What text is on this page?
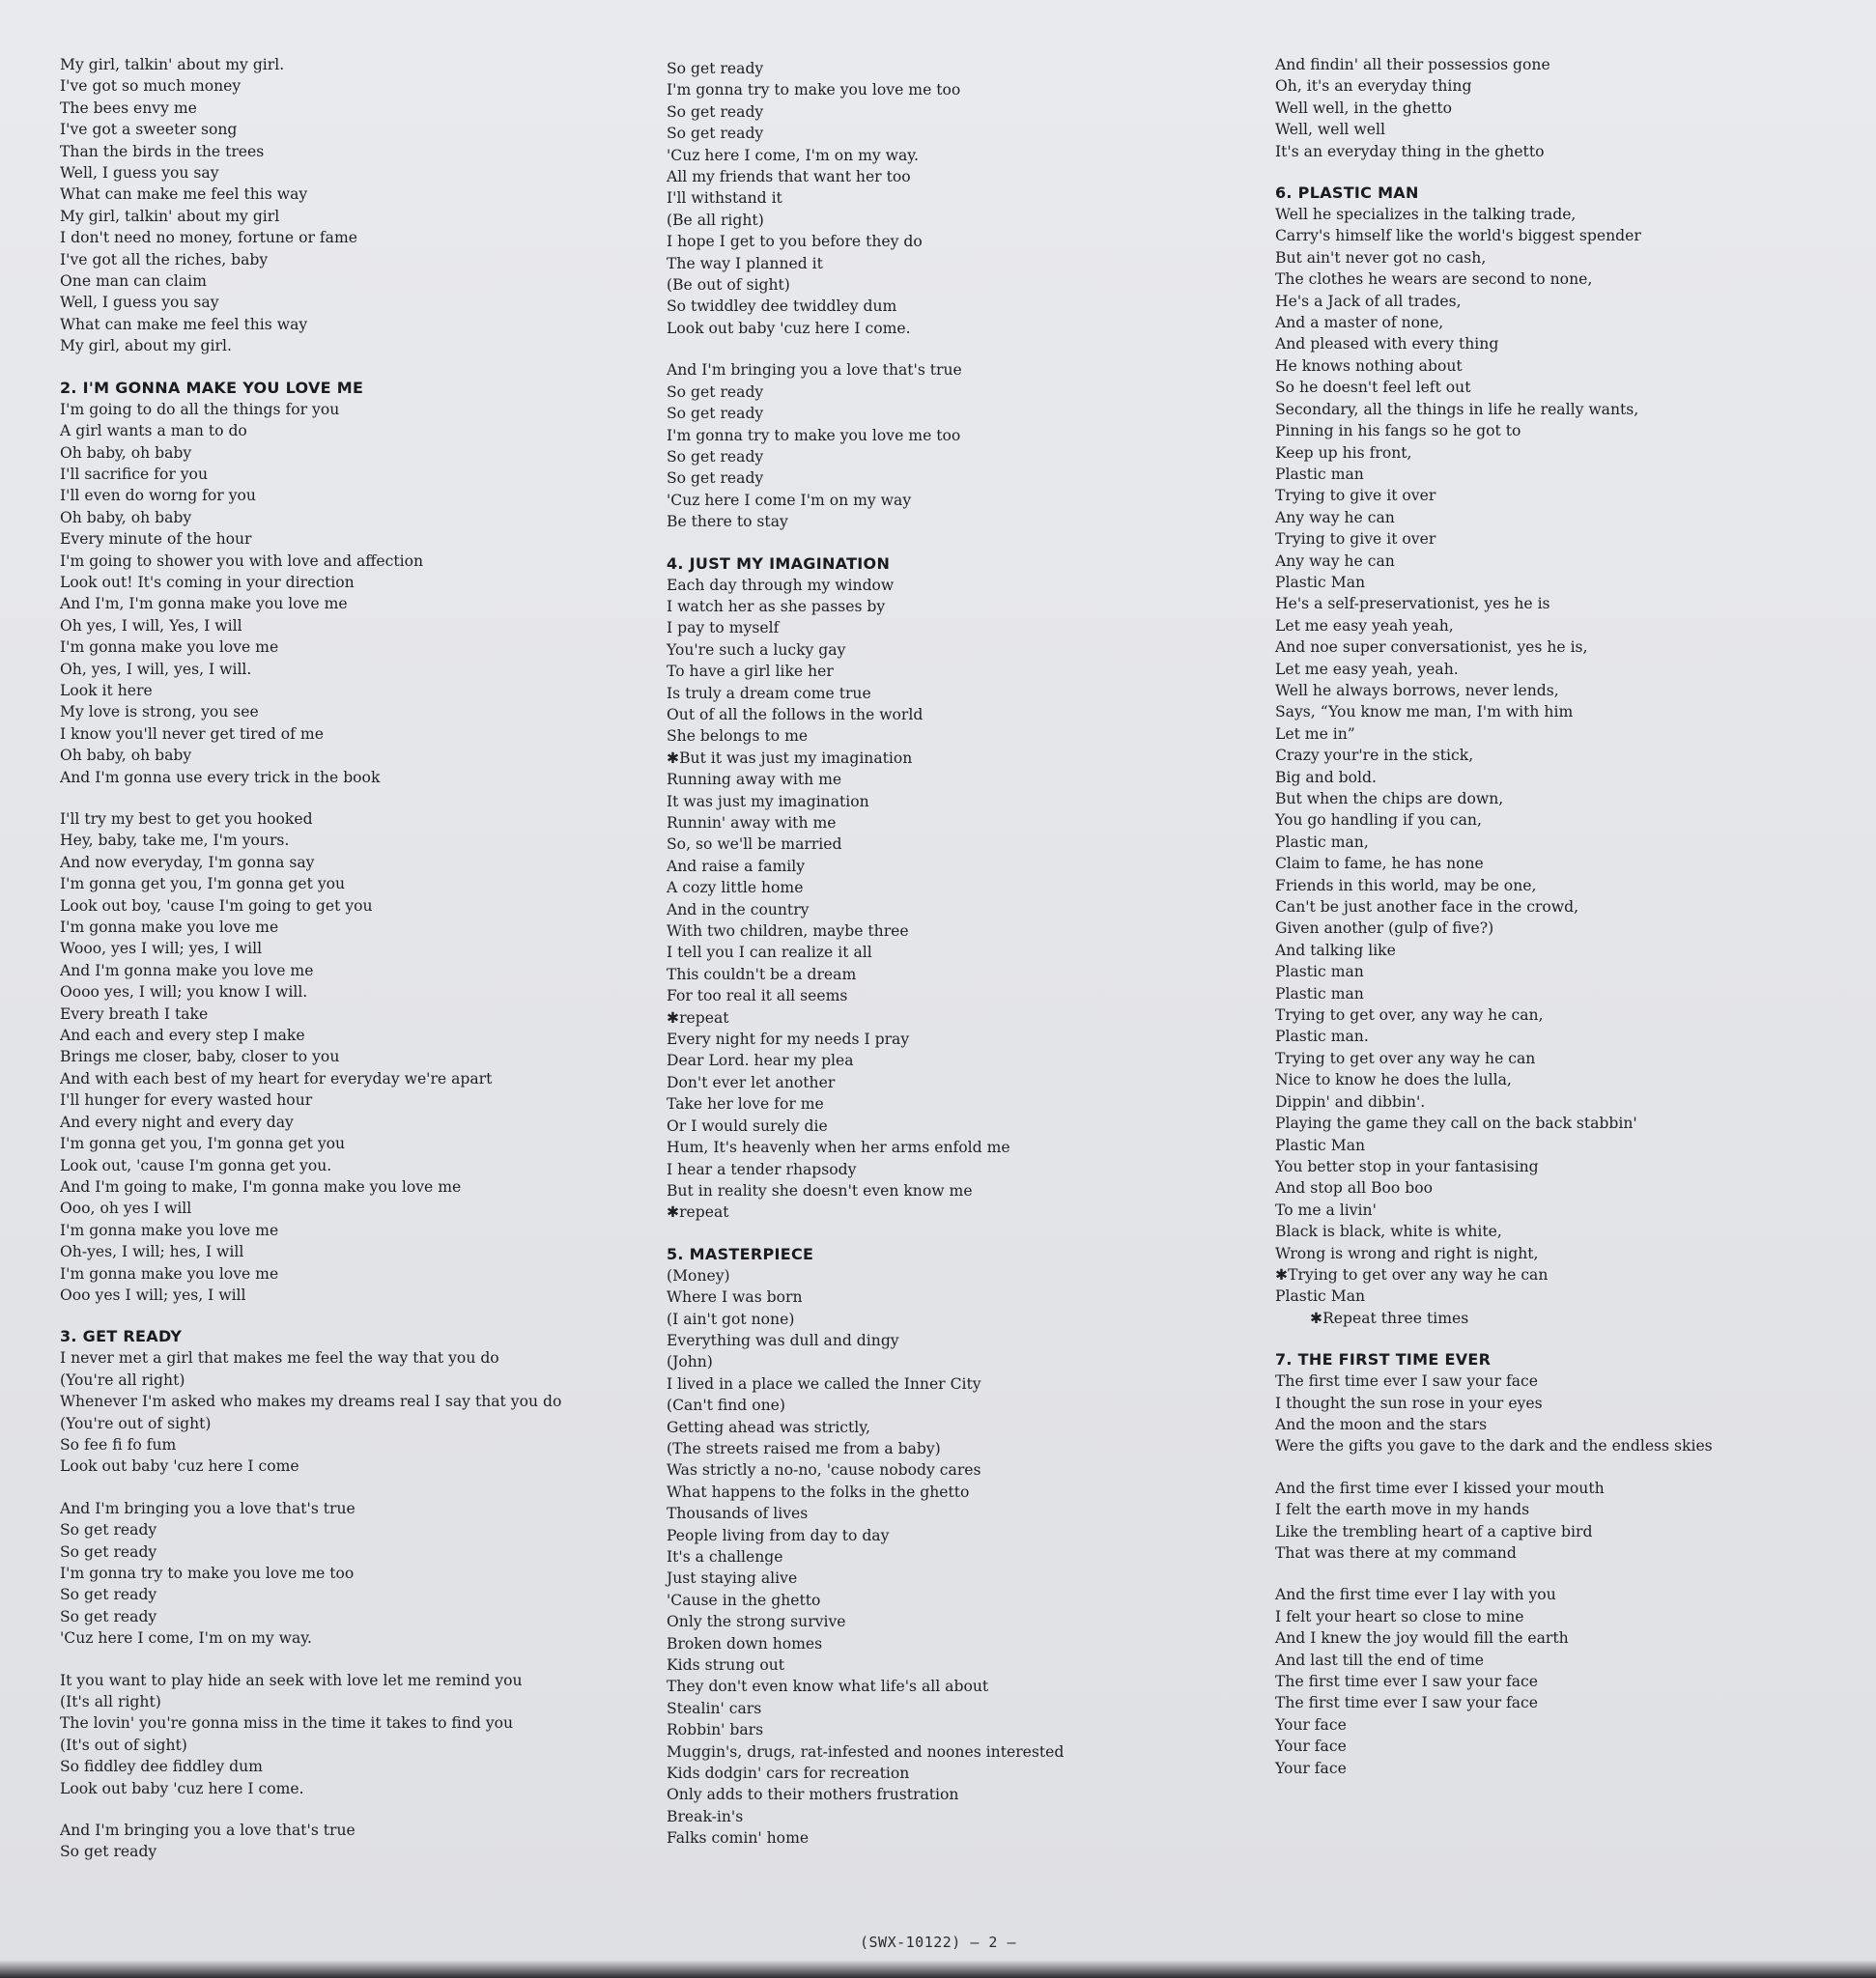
My girl, talkin' about my girl.
I've got so much money
The bees envy me
I've got a sweeter song
Than the birds in the trees
Well, I guess you say
What can make me feel this way
My girl, talkin' about my girl
I don't need no money, fortune or fame
I've got all the riches, baby
One man can claim
Well, I guess you say
What can make me feel this way
My girl, about my girl.
2. I'M GONNA MAKE YOU LOVE ME
I'm going to do all the things for you
A girl wants a man to do
Oh baby, oh baby
I'll sacrifice for you
I'll even do worng for you
Oh baby, oh baby
Every minute of the hour
I'm going to shower you with love and affection
Look out! It's coming in your direction
And I'm, I'm gonna make you love me
Oh yes, I will, Yes, I will
I'm gonna make you love me
Oh, yes, I will, yes, I will.
Look it here
My love is strong, you see
I know you'll never get tired of me
Oh baby, oh baby
And I'm gonna use every trick in the book
I'll try my best to get you hooked
Hey, baby, take me, I'm yours.
And now everyday, I'm gonna say
I'm gonna get you, I'm gonna get you
Look out boy, 'cause I'm going to get you
I'm gonna make you love me
Wooo, yes I will; yes, I will
And I'm gonna make you love me
Oooo yes, I will; you know I will.
Every breath I take
And each and every step I make
Brings me closer, baby, closer to you
And with each best of my heart for everyday we're apart
I'll hunger for every wasted hour
And every night and every day
I'm gonna get you, I'm gonna get you
Look out, 'cause I'm gonna get you.
And I'm going to make, I'm gonna make you love me
Ooo, oh yes I will
I'm gonna make you love me
Oh-yes, I will; hes, I will
I'm gonna make you love me
Ooo yes I will; yes, I will
3. GET READY
I never met a girl that makes me feel the way that you do
(You're all right)
Whenever I'm asked who makes my dreams real I say that you do
(You're out of sight)
So fee fi fo fum
Look out baby 'cuz here I come
And I'm bringing you a love that's true
So get ready
So get ready
I'm gonna try to make you love me too
So get ready
So get ready
'Cuz here I come, I'm on my way.
It you want to play hide an seek with love let me remind you
(It's all right)
The lovin' you're gonna miss in the time it takes to find you
(It's out of sight)
So fiddley dee fiddley dum
Look out baby 'cuz here I come.
And I'm bringing you a love that's true
So get ready
So get ready
I'm gonna try to make you love me too
So get ready
So get ready
'Cuz here I come, I'm on my way.
All my friends that want her too
I'll withstand it
(Be all right)
I hope I get to you before they do
The way I planned it
(Be out of sight)
So twiddley dee twiddley dum
Look out baby 'cuz here I come.
And I'm bringing you a love that's true
So get ready
So get ready
I'm gonna try to make you love me too
So get ready
So get ready
'Cuz here I come I'm on my way
Be there to stay
4. JUST MY IMAGINATION
Each day through my window
I watch her as she passes by
I pay to myself
You're such a lucky gay
To have a girl like her
Is truly a dream come true
Out of all the follows in the world
She belongs to me
✱But it was just my imagination
Running away with me
It was just my imagination
Runnin' away with me
So, so we'll be married
And raise a family
A cozy little home
And in the country
With two children, maybe three
I tell you I can realize it all
This couldn't be a dream
For too real it all seems
✱repeat
Every night for my needs I pray
Dear Lord. hear my plea
Don't ever let another
Take her love for me
Or I would surely die
Hum, It's heavenly when her arms enfold me
I hear a tender rhapsody
But in reality she doesn't even know me
✱repeat
5. MASTERPIECE
(Money)
Where I was born
(I ain't got none)
Everything was dull and dingy
(John)
I lived in a place we called the Inner City
(Can't find one)
Getting ahead was strictly,
(The streets raised me from a baby)
Was strictly a no-no, 'cause nobody cares
What happens to the folks in the ghetto
Thousands of lives
People living from day to day
It's a challenge
Just staying alive
'Cause in the ghetto
Only the strong survive
Broken down homes
Kids strung out
They don't even know what life's all about
Stealin' cars
Robbin' bars
Muggin's, drugs, rat-infested and noones interested
Kids dodgin' cars for recreation
Only adds to their mothers frustration
Break-in's
Falks comin' home
And findin' all their possessios gone
Oh, it's an everyday thing
Well well, in the ghetto
Well, well well
It's an everyday thing in the ghetto
6. PLASTIC MAN
Well he specializes in the talking trade,
Carry's himself like the world's biggest spender
But ain't never got no cash,
The clothes he wears are second to none,
He's a Jack of all trades,
And a master of none,
And pleased with every thing
He knows nothing about
So he doesn't feel left out
Secondary, all the things in life he really wants,
Pinning in his fangs so he got to
Keep up his front,
Plastic man
Trying to give it over
Any way he can
Trying to give it over
Any way he can
Plastic Man
He's a self-preservationist, yes he is
Let me easy yeah yeah,
And noe super conversationist, yes he is,
Let me easy yeah, yeah.
Well he always borrows, never lends,
Says, “You know me man, I'm with him
Let me in”
Crazy your're in the stick,
Big and bold.
But when the chips are down,
You go handling if you can,
Plastic man,
Claim to fame, he has none
Friends in this world, may be one,
Can't be just another face in the crowd,
Given another (gulp of five?)
And talking like
Plastic man
Plastic man
Trying to get over, any way he can,
Plastic man.
Trying to get over any way he can
Nice to know he does the lulla,
Dippin' and dibbin'.
Playing the game they call on the back stabbin'
Plastic Man
You better stop in your fantasising
And stop all Boo boo
To me a livin'
Black is black, white is white,
Wrong is wrong and right is night,
✱Trying to get over any way he can
Plastic Man
✱Repeat three times
7. THE FIRST TIME EVER
The first time ever I saw your face
I thought the sun rose in your eyes
And the moon and the stars
Were the gifts you gave to the dark and the endless skies
And the first time ever I kissed your mouth
I felt the earth move in my hands
Like the trembling heart of a captive bird
That was there at my command
And the first time ever I lay with you
I felt your heart so close to mine
And I knew the joy would fill the earth
And last till the end of time
The first time ever I saw your face
The first time ever I saw your face
Your face
Your face
Your face
(SWX-10122) — 2 —
